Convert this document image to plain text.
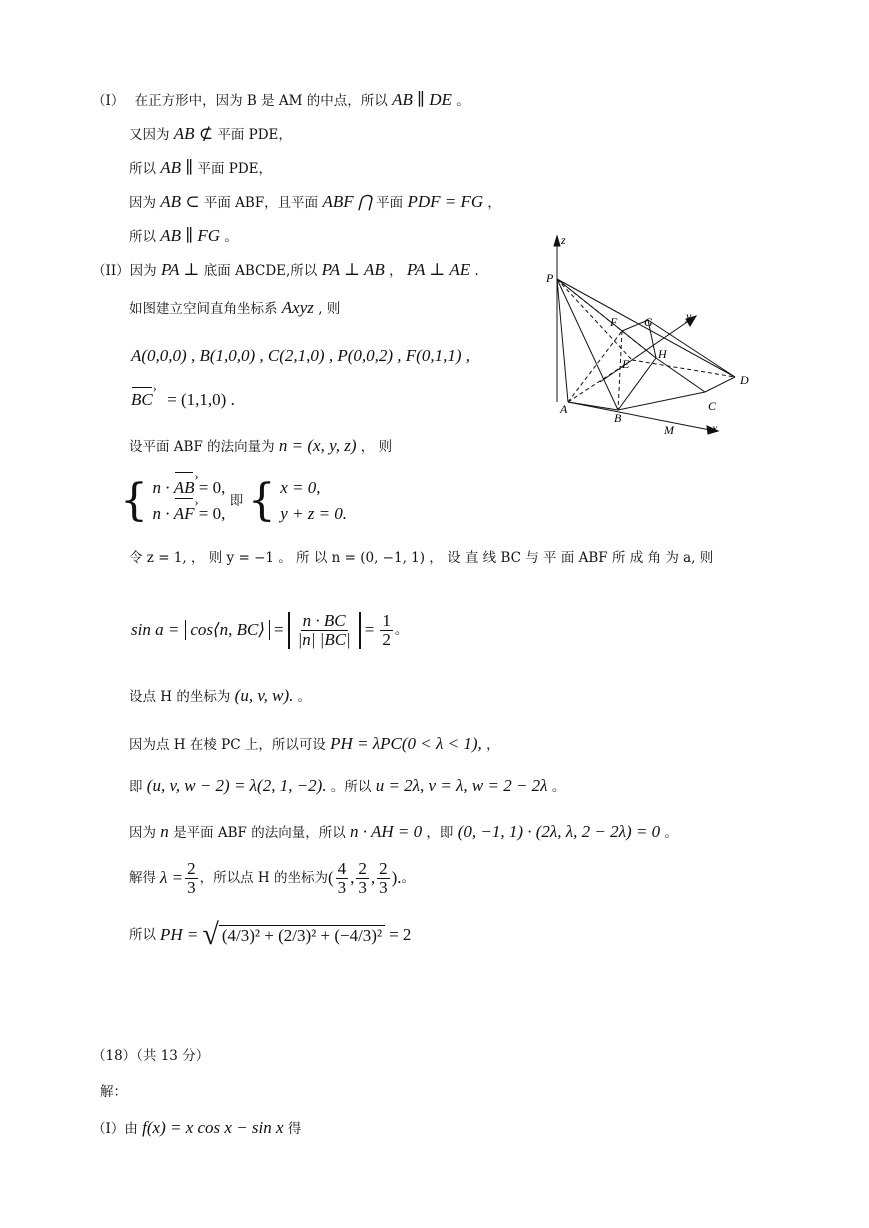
（I） 在正方形中，因为 B 是 AM 的中点，所以 AB ∥ DE 。
又因为 AB ⊄ 平面 PDE，
所以 AB ∥ 平面 PDE，
因为 AB ⊂ 平面 ABF，且平面 ABF ⋂ 平面 PDF = FG ，
所以 AB ∥ FG 。
（II）因为 PA ⊥ 底面 ABCDE,所以 PA ⊥ AB ， PA ⊥ AE .
如图建立空间直角坐标系 Axyz , 则
A(0,0,0) , B(1,0,0) , C(2,1,0) , P(0,0,2) , F(0,1,1) ,
BC › = (1,1,0) .
设平面 ABF 的法向量为 n = (x, y, z) ， 则
{ n · AB › = 0,
n · AF › = 0,
即 { x = 0,
y + z = 0.
令 z = 1, ， 则 y = −1 。 所 以 n = (0, −1, 1) ， 设 直 线 BC 与 平 面 ABF 所 成 角 为 a, 则
sin a = cos⟨n, BC⟩ = $\frac{n \cdot BC}{|n| |BC|} = \frac{1}{2}$ 。
设点 H 的坐标为 (u, v, w). 。
因为点 H 在棱 PC 上，所以可设 PH = λPC(0 < λ < 1), ，
即 (u, v, w − 2) = λ(2, 1, −2). 。所以 u = 2λ, v = λ, w = 2 − 2λ 。
因为 n 是平面 ABF 的法向量，所以 n · AH = 0 ，即 (0, −1, 1) · (2λ, λ, 2 − 2λ) = 0 。
解得 $\lambda = \frac{2}{3}$ ，所以点 H 的坐标为 ( $\frac{4}{3}$ , $\frac{2}{3}$ , $\frac{2}{3}$ ). 。
所以 PH = √ (4/3)² + (2/3)² + (−4/3)² = 2
（18）（共 13 分）
解：
（I）由 f(x) = x cos x − sin x 得
z
P
F G	y
H
E
D
A
B
C
M	x
